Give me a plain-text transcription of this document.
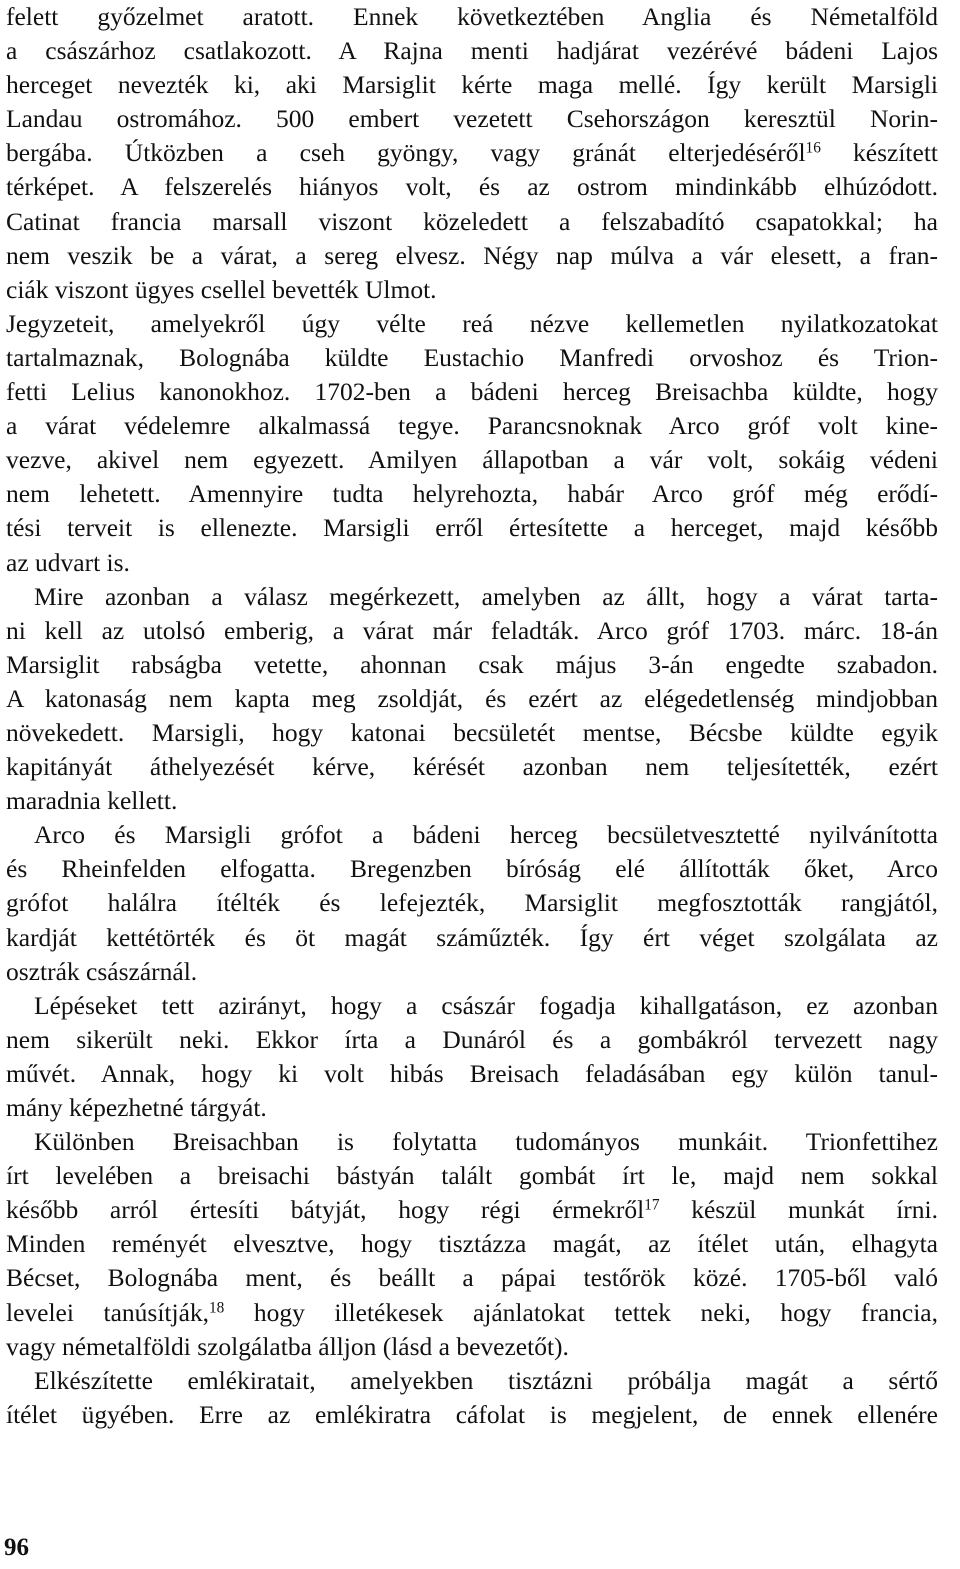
felett győzelmet aratott. Ennek következtében Anglia és Németalföld
a császárhoz csatlakozott. A Rajna menti hadjárat vezérévé bádeni Lajos
herceget nevezték ki, aki Marsiglit kérte maga mellé. Így került Marsigli
Landau ostromához. 500 embert vezetett Csehországon keresztül Norin-
bergába. Útközben a cseh gyöngy, vagy gránát elterjedéséről$^{16}$ készített
térképet. A felszerelés hiányos volt, és az ostrom mindinkább elhúzódott.
Catinat francia marsall viszont közeledett a felszabadító csapatokkal; ha
nem veszik be a várat, a sereg elvesz. Négy nap múlva a vár elesett, a fran-
ciák viszont ügyes csellel bevették Ulmot.
Jegyzeteit, amelyekről úgy vélte reá nézve kellemetlen nyilatkozatokat
tartalmaznak, Bolognába küldte Eustachio Manfredi orvoshoz és Trion-
fetti Lelius kanonokhoz. 1702-ben a bádeni herceg Breisachba küldte, hogy
a várat védelemre alkalmassá tegye. Parancsnoknak Arco gróf volt kine-
vezve, akivel nem egyezett. Amilyen állapotban a vár volt, sokáig védeni
nem lehetett. Amennyire tudta helyrehozta, habár Arco gróf még erődí-
tési terveit is ellenezte. Marsigli erről értesítette a herceget, majd később
az udvart is.
Mire azonban a válasz megérkezett, amelyben az állt, hogy a várat tarta-
ni kell az utolsó emberig, a várat már feladták. Arco gróf 1703. márc. 18-án
Marsiglit rabságba vetette, ahonnan csak május 3-án engedte szabadon.
A katonaság nem kapta meg zsoldját, és ezért az elégedetlenség mindjobban
növekedett. Marsigli, hogy katonai becsületét mentse, Bécsbe küldte egyik
kapitányát áthelyezését kérve, kérését azonban nem teljesítették, ezért
maradnia kellett.
Arco és Marsigli grófot a bádeni herceg becsületvesztetté nyilvánította
és Rheinfelden elfogatta. Bregenzben bíróság elé állították őket, Arco
grófot halálra ítélték és lefejezték, Marsiglit megfosztották rangjától,
kardját kettétörték és öt magát száműzték. Így ért véget szolgálata az
osztrák császárnál.
Lépéseket tett azirányt, hogy a császár fogadja kihallgatáson, ez azonban
nem sikerült neki. Ekkor írta a Dunáról és a gombákról tervezett nagy
művét. Annak, hogy ki volt hibás Breisach feladásában egy külön tanul-
mány képezhetné tárgyát.
Különben Breisachban is folytatta tudományos munkáit. Trionfettihez
írt levelében a breisachi bástyán talált gombát írt le, majd nem sokkal
később arról értesíti bátyját, hogy régi érmekről$^{17}$ készül munkát írni.
Minden reményét elvesztve, hogy tisztázza magát, az ítélet után, elhagyta
Bécset, Bolognába ment, és beállt a pápai testőrök közé. 1705-ből való
levelei tanúsítják,$^{18}$ hogy illetékesek ajánlatokat tettek neki, hogy francia,
vagy németalföldi szolgálatba álljon (lásd a bevezetőt).
Elkészítette emlékiratait, amelyekben tisztázni próbálja magát a sértő
ítélet ügyében. Erre az emlékiratra cáfolat is megjelent, de ennek ellenére
96
